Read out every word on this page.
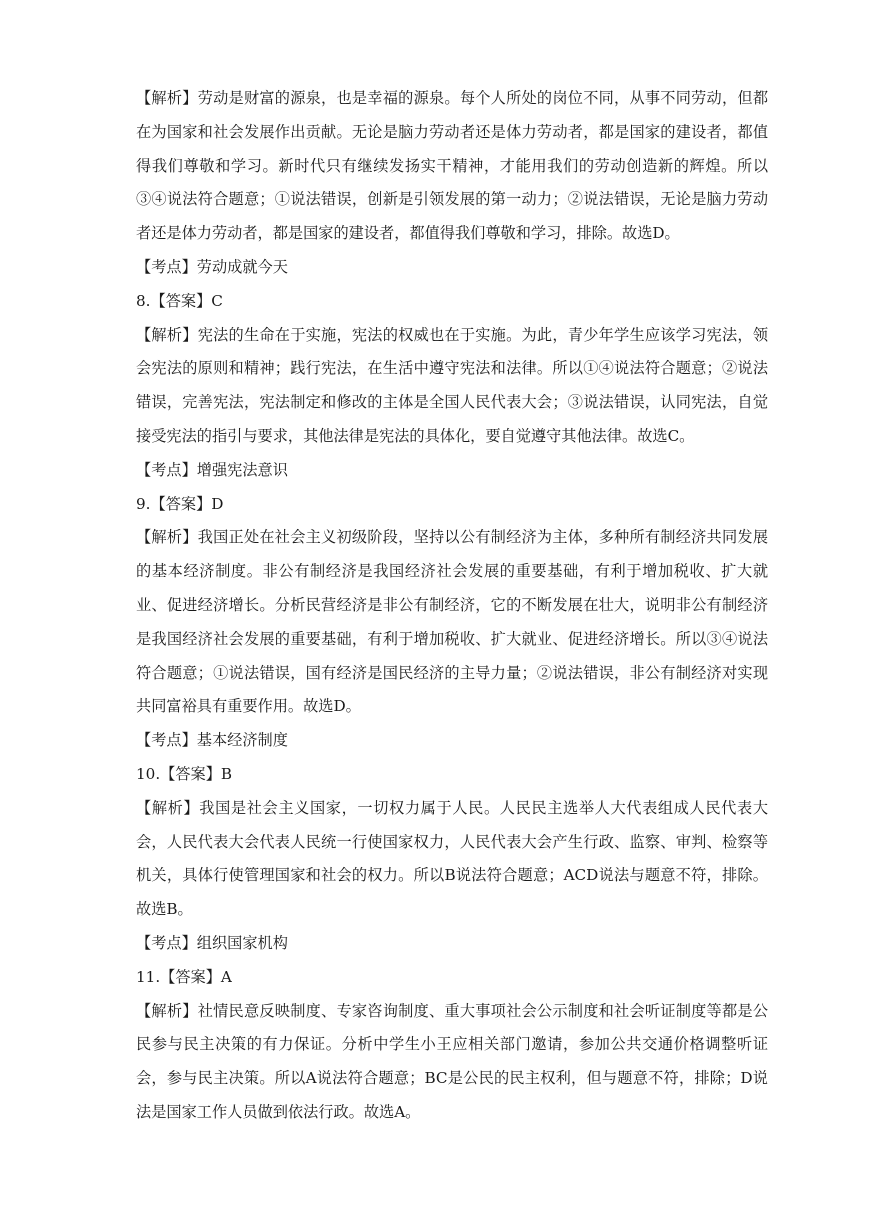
【解析】劳动是财富的源泉，也是幸福的源泉。每个人所处的岗位不同，从事不同劳动，但都在为国家和社会发展作出贡献。无论是脑力劳动者还是体力劳动者，都是国家的建设者，都值得我们尊敬和学习。新时代只有继续发扬实干精神，才能用我们的劳动创造新的辉煌。所以③④说法符合题意；①说法错误，创新是引领发展的第一动力；②说法错误，无论是脑力劳动者还是体力劳动者，都是国家的建设者，都值得我们尊敬和学习，排除。故选D。

【考点】劳动成就今天

8.【答案】C

【解析】宪法的生命在于实施，宪法的权威也在于实施。为此，青少年学生应该学习宪法，领会宪法的原则和精神；践行宪法，在生活中遵守宪法和法律。所以①④说法符合题意；②说法错误，完善宪法，宪法制定和修改的主体是全国人民代表大会；③说法错误，认同宪法，自觉接受宪法的指引与要求，其他法律是宪法的具体化，要自觉遵守其他法律。故选C。

【考点】增强宪法意识

9.【答案】D

【解析】我国正处在社会主义初级阶段，坚持以公有制经济为主体，多种所有制经济共同发展的基本经济制度。非公有制经济是我国经济社会发展的重要基础，有利于增加税收、扩大就业、促进经济增长。分析民营经济是非公有制经济，它的不断发展在壮大，说明非公有制经济是我国经济社会发展的重要基础，有利于增加税收、扩大就业、促进经济增长。所以③④说法符合题意；①说法错误，国有经济是国民经济的主导力量；②说法错误，非公有制经济对实现共同富裕具有重要作用。故选D。

【考点】基本经济制度

10.【答案】B

【解析】我国是社会主义国家，一切权力属于人民。人民民主选举人大代表组成人民代表大会，人民代表大会代表人民统一行使国家权力，人民代表大会产生行政、监察、审判、检察等机关，具体行使管理国家和社会的权力。所以B说法符合题意；ACD说法与题意不符，排除。故选B。

【考点】组织国家机构

11.【答案】A

【解析】社情民意反映制度、专家咨询制度、重大事项社会公示制度和社会听证制度等都是公民参与民主决策的有力保证。分析中学生小王应相关部门邀请，参加公共交通价格调整听证会，参与民主决策。所以A说法符合题意；BC是公民的民主权利，但与题意不符，排除；D说法是国家工作人员做到依法行政。故选A。
